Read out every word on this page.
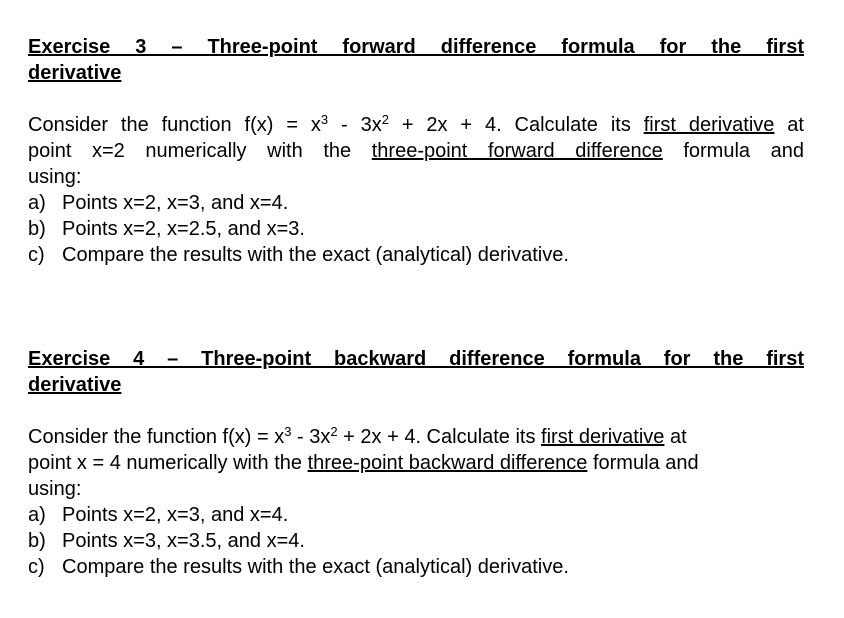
Exercise 3 – Three-point forward difference formula for the first
derivative
Consider the function $f(x) = x^3 - 3x^2 + 2x + 4$. Calculate its first derivative at
point x=2 numerically with the three-point forward difference formula and
using:
a) Points x=2, x=3, and x=4.
b) Points x=2, x=2.5, and x=3.
c) Compare the results with the exact (analytical) derivative.
Exercise 4 – Three-point backward difference formula for the first
derivative
Consider the function $f(x) = x^3 - 3x^2 + 2x + 4$. Calculate its first derivative at
point x = 4 numerically with the three-point backward difference formula and
using:
a) Points x=2, x=3, and x=4.
b) Points x=3, x=3.5, and x=4.
c) Compare the results with the exact (analytical) derivative.
